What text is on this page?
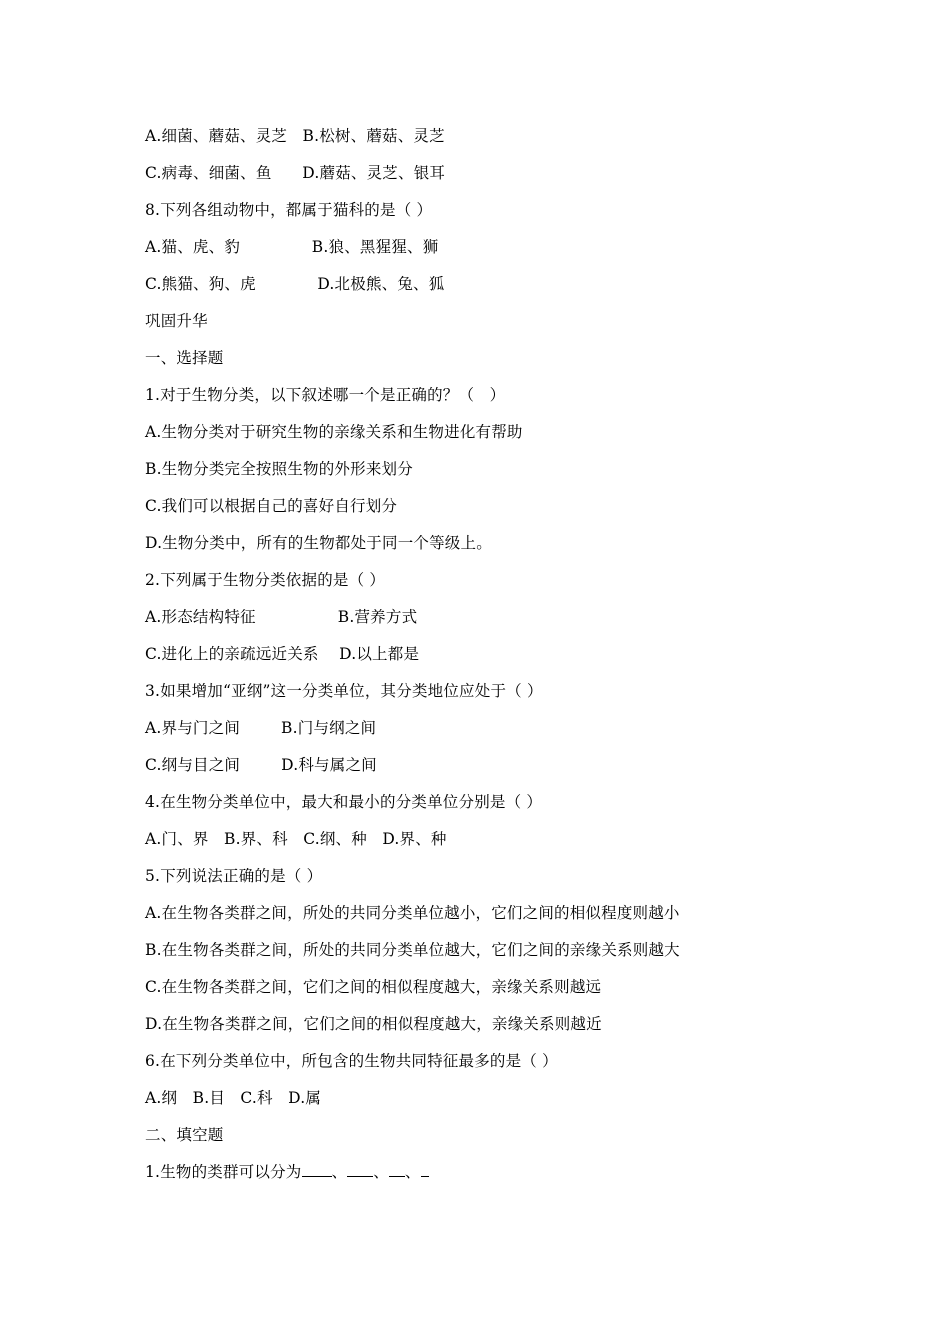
A.细菌、蘑菇、灵芝   B.松树、蘑菇、灵芝
C.病毒、细菌、鱼      D.蘑菇、灵芝、银耳
8.下列各组动物中，都属于猫科的是（ ）
A.猫、虎、豹              B.狼、黑猩猩、狮
C.熊猫、狗、虎            D.北极熊、兔、狐
巩固升华
一、选择题
1.对于生物分类，以下叙述哪一个是正确的？（   ）
A.生物分类对于研究生物的亲缘关系和生物进化有帮助
B.生物分类完全按照生物的外形来划分
C.我们可以根据自己的喜好自行划分
D.生物分类中，所有的生物都处于同一个等级上。
2.下列属于生物分类依据的是（ ）
A.形态结构特征                B.营养方式
C.进化上的亲疏远近关系    D.以上都是
3.如果增加“亚纲”这一分类单位，其分类地位应处于（ ）
A.界与门之间        B.门与纲之间
C.纲与目之间        D.科与属之间
4.在生物分类单位中，最大和最小的分类单位分别是（ ）
A.门、界   B.界、科   C.纲、种   D.界、种
5.下列说法正确的是（ ）
A.在生物各类群之间，所处的共同分类单位越小，它们之间的相似程度则越小
B.在生物各类群之间，所处的共同分类单位越大，它们之间的亲缘关系则越大
C.在生物各类群之间，它们之间的相似程度越大，亲缘关系则越远
D.在生物各类群之间，它们之间的相似程度越大，亲缘关系则越近
6.在下列分类单位中，所包含的生物共同特征最多的是（ ）
A.纲   B.目   C.科   D.属
二、填空题
1.生物的类群可以分为 、 、 、
